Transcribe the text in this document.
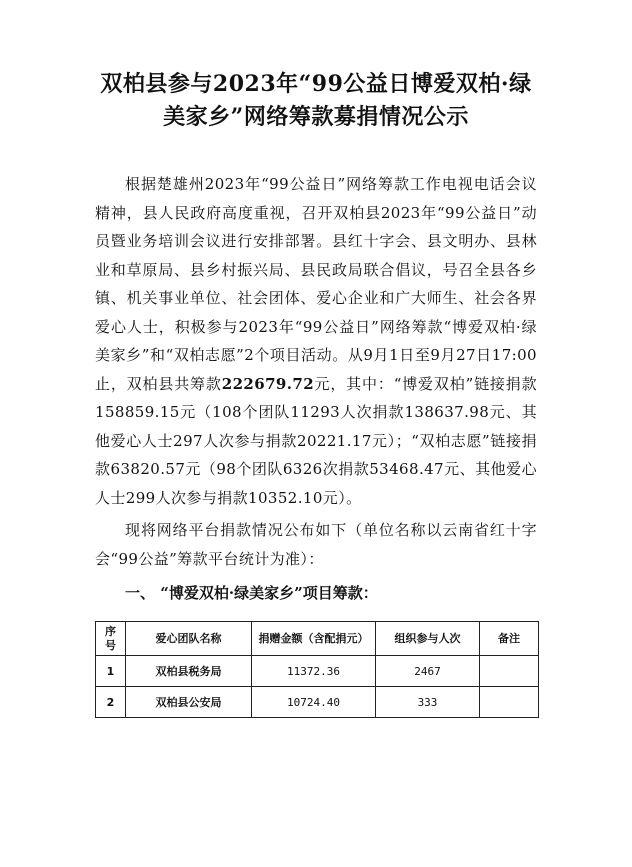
双柏县参与2023年“99公益日博爱双柏·绿美家乡”网络筹款募捐情况公示

根据楚雄州2023年“99公益日”网络筹款工作电视电话会议精神，县人民政府高度重视，召开双柏县2023年“99公益日”动员暨业务培训会议进行安排部署。县红十字会、县文明办、县林业和草原局、县乡村振兴局、县民政局联合倡议，号召全县各乡镇、机关事业单位、社会团体、爱心企业和广大师生、社会各界爱心人士，积极参与2023年“99公益日”网络筹款“博爱双柏·绿美家乡”和“双柏志愿”2个项目活动。从9月1日至9月27日17:00止，双柏县共筹款222679.72元，其中：“博爱双柏”链接捐款158859.15元（108个团队11293人次捐款138637.98元、其他爱心人士297人次参与捐款20221.17元）；“双柏志愿”链接捐款63820.57元（98个团队6326次捐款53468.47元、其他爱心人士299人次参与捐款10352.10元）。

现将网络平台捐款情况公布如下（单位名称以云南省红十字会“99公益”筹款平台统计为准）：

一、 “博爱双柏·绿美家乡”项目筹款：
序号	爱心团队名称	捐赠金额（含配捐元）	组织参与人次	备注
1	双柏县税务局	11372.36	2467	
2	双柏县公安局	10724.40	333	
